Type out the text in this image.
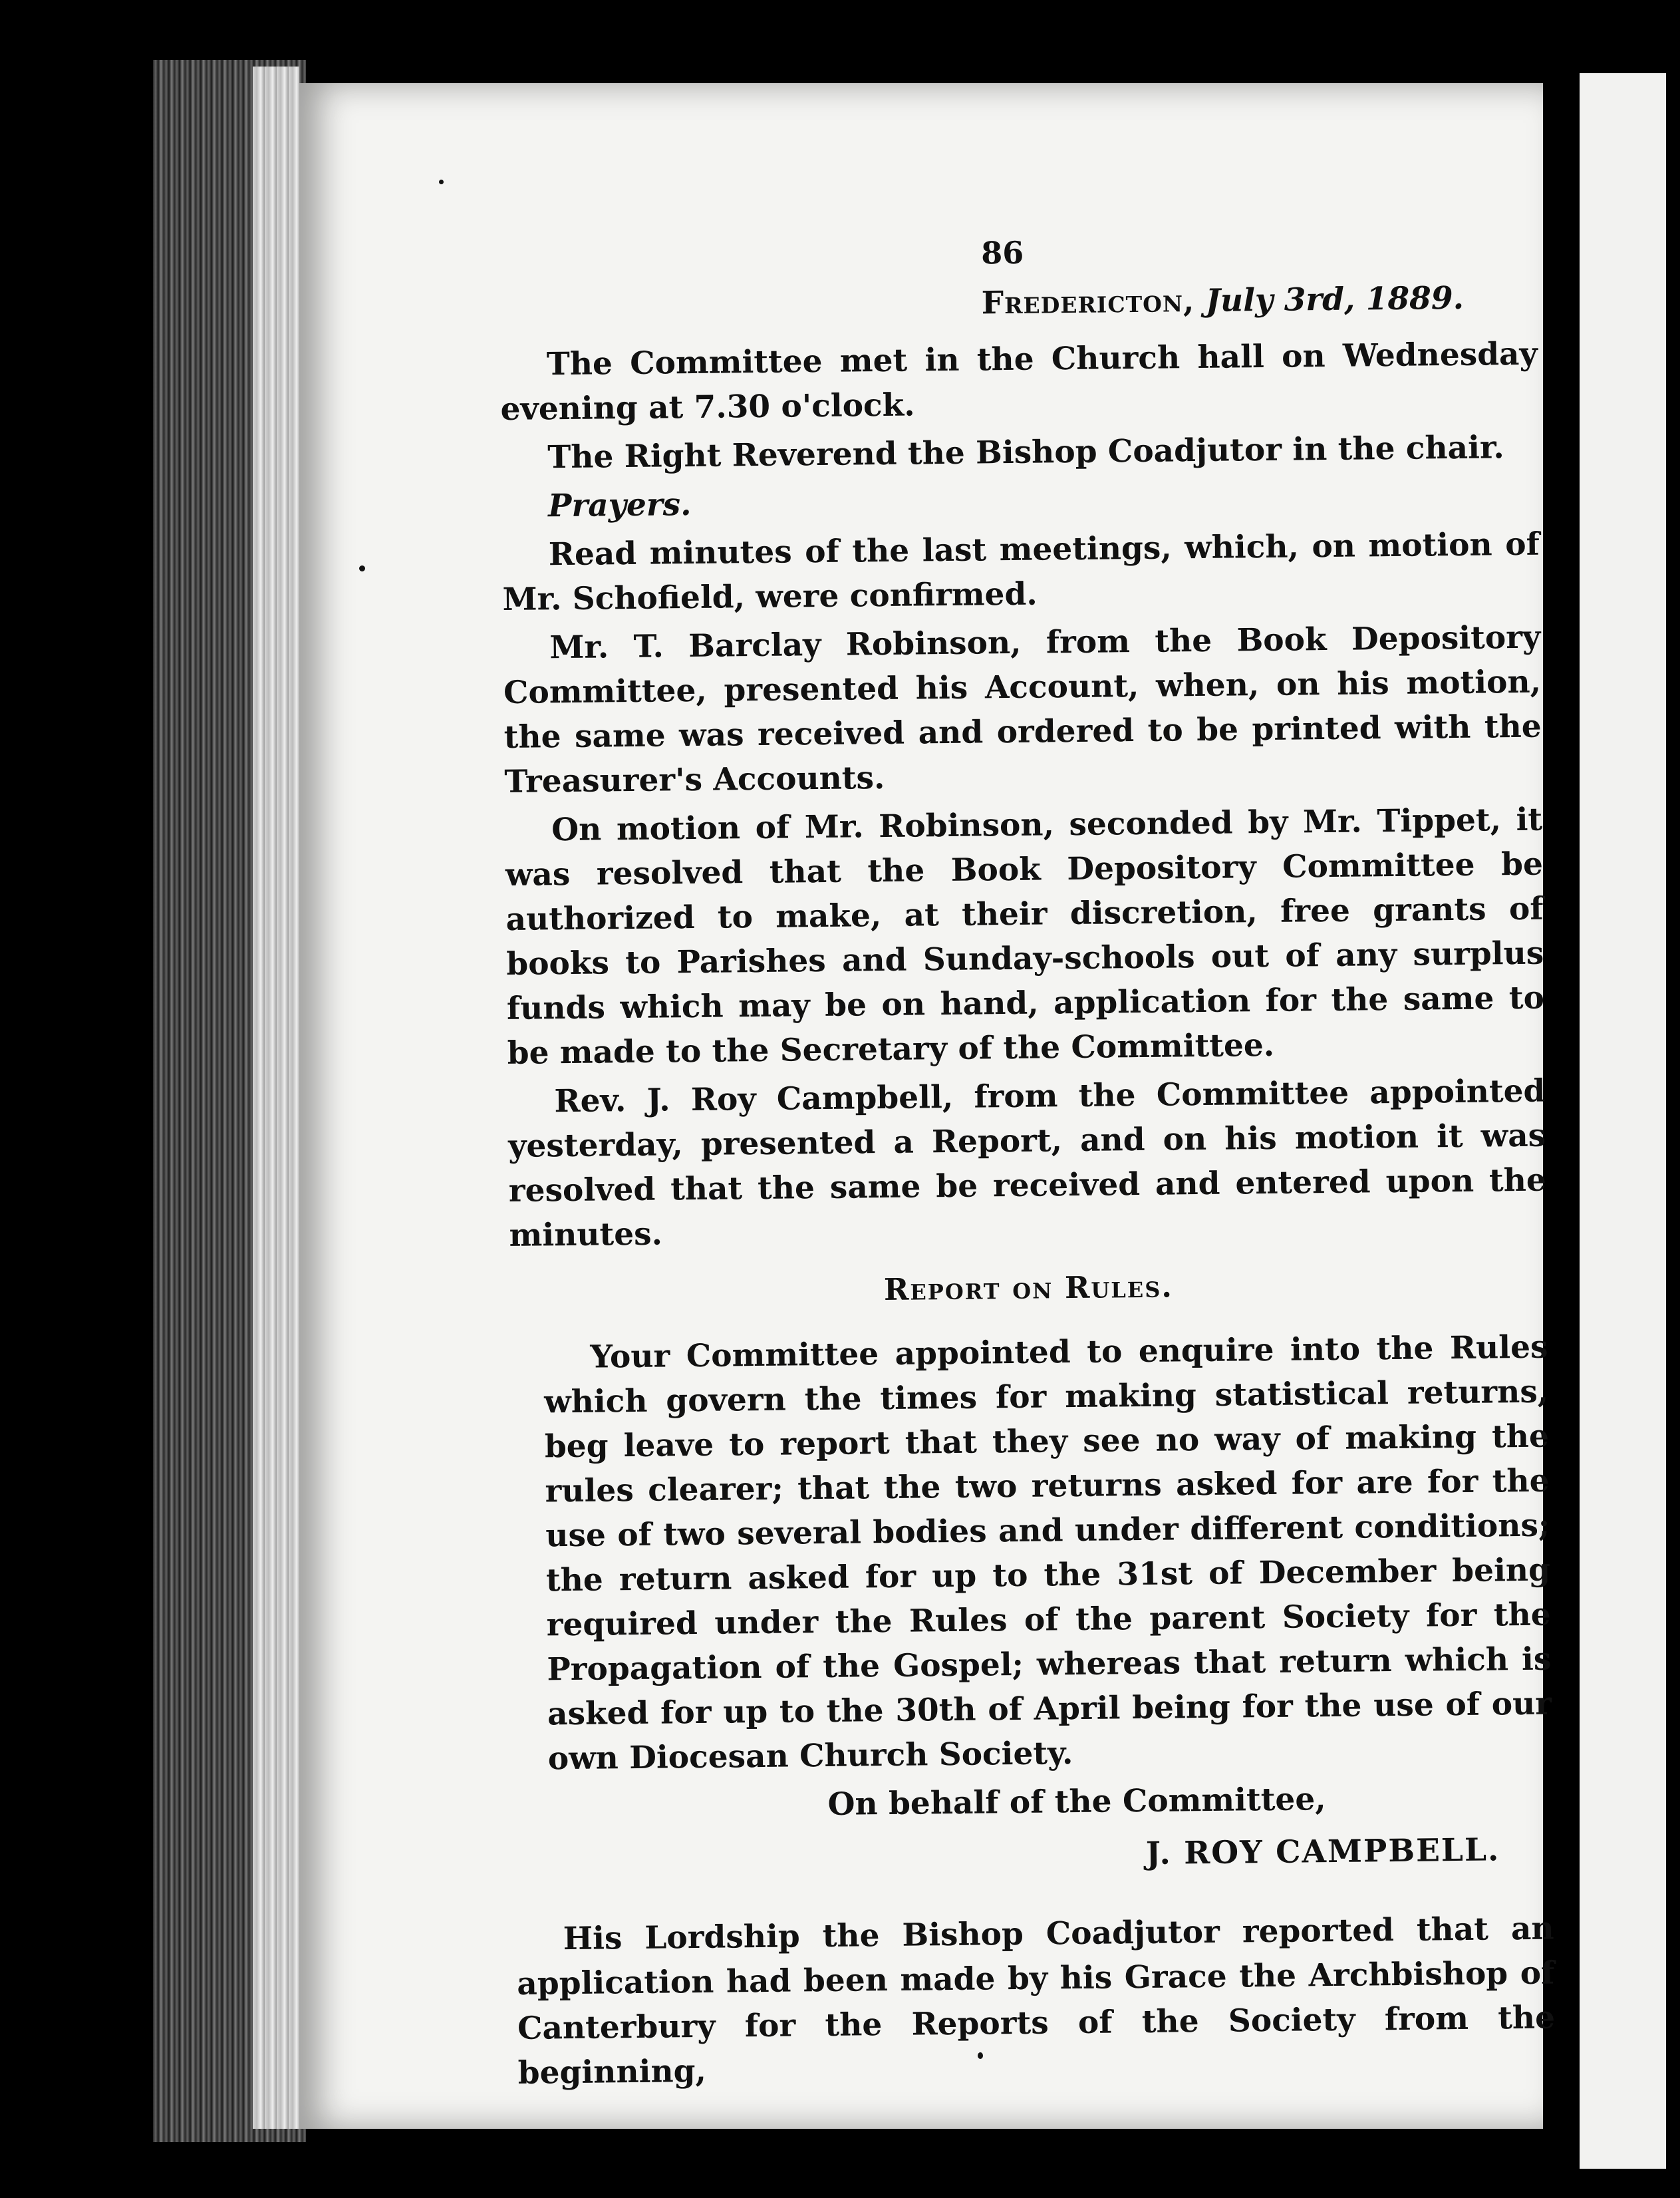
86
Fredericton, July 3rd, 1889.

The Committee met in the Church hall on Wednesday evening at 7.30 o'clock.

The Right Reverend the Bishop Coadjutor in the chair.

Prayers.

Read minutes of the last meetings, which, on motion of Mr. Schofield, were confirmed.

Mr. T. Barclay Robinson, from the Book Depository Committee, presented his Account, when, on his motion, the same was received and ordered to be printed with the Treasurer's Accounts.

On motion of Mr. Robinson, seconded by Mr. Tippet, it was resolved that the Book Depository Committee be authorized to make, at their discretion, free grants of books to Parishes and Sunday-schools out of any surplus funds which may be on hand, application for the same to be made to the Secretary of the Committee.

Rev. J. Roy Campbell, from the Committee appointed yesterday, presented a Report, and on his motion it was resolved that the same be received and entered upon the minutes.

Report on Rules.

Your Committee appointed to enquire into the Rules which govern the times for making statistical returns, beg leave to report that they see no way of making the rules clearer; that the two returns asked for are for the use of two several bodies and under different conditions; the return asked for up to the 31st of December being required under the Rules of the parent Society for the Propagation of the Gospel; whereas that return which is asked for up to the 30th of April being for the use of our own Diocesan Church Society.

On behalf of the Committee,
J. ROY CAMPBELL.

His Lordship the Bishop Coadjutor reported that an application had been made by his Grace the Archbishop of Canterbury for the Reports of the Society from the beginning,
